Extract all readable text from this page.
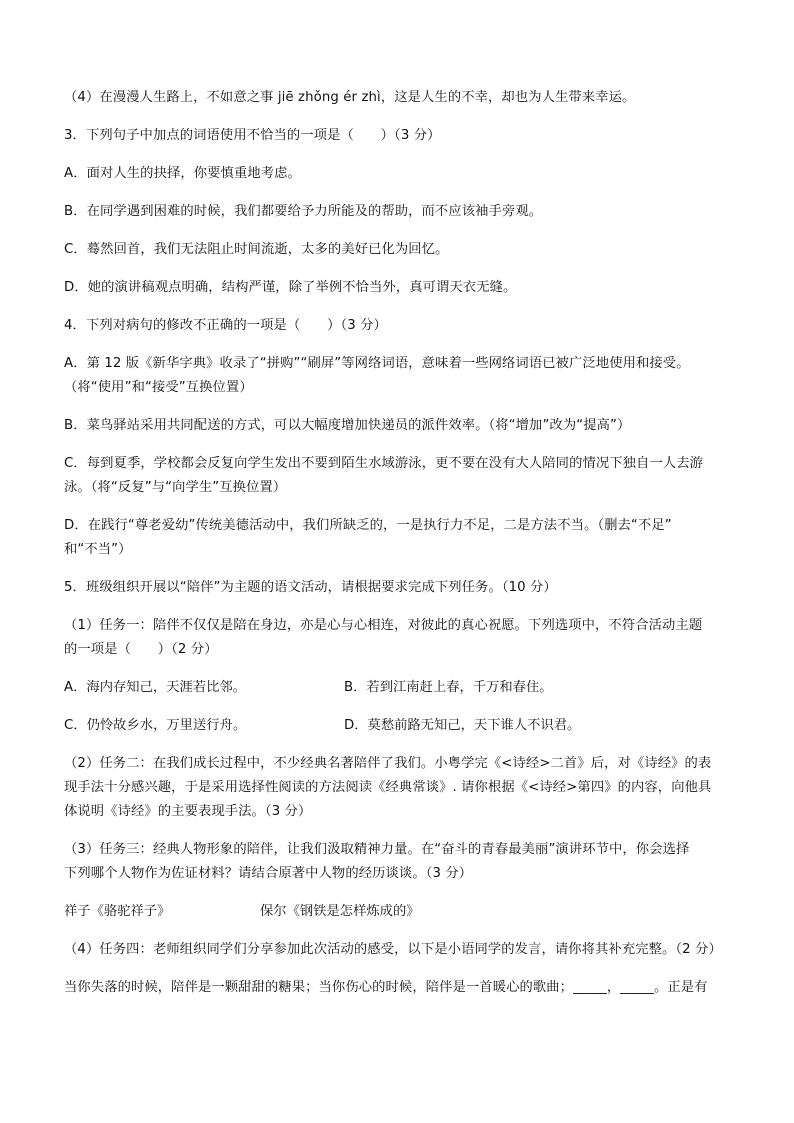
（4）在漫漫人生路上，不如意之事 jiē zhǒng ér zhì，这是人生的不幸，却也为人生带来幸运。

3．下列句子中加点的词语使用不恰当的一项是（　　）（3 分）

A．面对人生的抉择，你要慎重地考虑。

B．在同学遇到困难的时候，我们都要给予力所能及的帮助，而不应该袖手旁观。

C．蓦然回首，我们无法阻止时间流逝，太多的美好已化为回忆。

D．她的演讲稿观点明确，结构严谨，除了举例不恰当外，真可谓天衣无缝。

4．下列对病句的修改不正确的一项是（　　）（3 分）

A．第 12 版《新华字典》收录了“拼购”“刷屏”等网络词语，意味着一些网络词语已被广泛地使用和接受。

（将“使用”和“接受”互换位置）

B．菜鸟驿站采用共同配送的方式，可以大幅度增加快递员的派件效率。（将“增加”改为“提高”）

C．每到夏季，学校都会反复向学生发出不要到陌生水域游泳，更不要在没有大人陪同的情况下独自一人去游

泳。（将“反复”与“向学生”互换位置）

D．在践行“尊老爱幼”传统美德活动中，我们所缺乏的，一是执行力不足，二是方法不当。（删去“不足”

和“不当”）

5．班级组织开展以“陪伴”为主题的语文活动，请根据要求完成下列任务。（10 分）

（1）任务一：陪伴不仅仅是陪在身边，亦是心与心相连，对彼此的真心祝愿。下列选项中，不符合活动主题

的一项是（　　）（2 分）

A．海内存知己，天涯若比邻。	B．若到江南赶上春，千万和春住。
C．仍怜故乡水，万里送行舟。	D．莫愁前路无知己，天下谁人不识君。

（2）任务二：在我们成长过程中，不少经典名著陪伴了我们。小粤学完《<诗经>二首》后，对《诗经》的表

现手法十分感兴趣，于是采用选择性阅读的方法阅读《经典常谈》. 请你根据《<诗经>第四》的内容，向他具

体说明《诗经》的主要表现手法。（3 分）

（3）任务三：经典人物形象的陪伴，让我们汲取精神力量。在“奋斗的青春最美丽”演讲环节中，你会选择

下列哪个人物作为佐证材料？请结合原著中人物的经历谈谈。（3 分）

祥子《骆驼祥子》	保尔《钢铁是怎样炼成的》

（4）任务四：老师组织同学们分享参加此次活动的感受，以下是小语同学的发言，请你将其补充完整。（2 分）

当你失落的时候，陪伴是一颗甜甜的糖果；当你伤心的时候，陪伴是一首暖心的歌曲；_____，_____。正是有
